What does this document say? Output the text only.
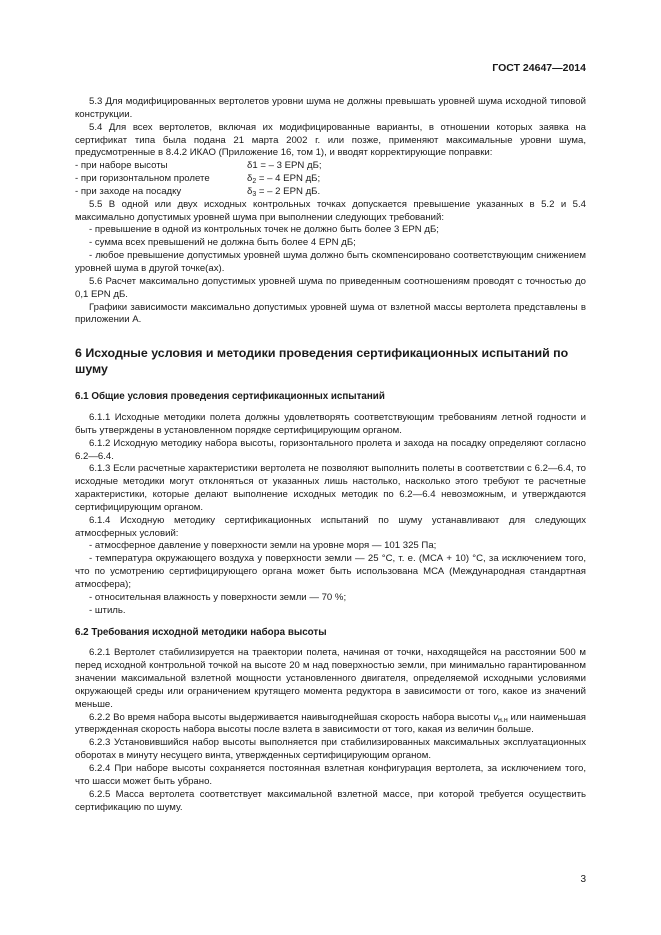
ГОСТ 24647—2014

5.3 Для модифицированных вертолетов уровни шума не должны превышать уровней шума исходной типовой конструкции.

5.4 Для всех вертолетов, включая их модифицированные варианты, в отношении которых заявка на сертификат типа была подана 21 марта 2002 г. или позже, применяют максимальные уровни шума, предусмотренные в 8.4.2 ИКАО (Приложение 16, том 1), и вводят корректирующие поправки:

- при наборе высоты	δ1 = – 3 EPN дБ;
- при горизонтальном пролете	$\delta_2$ = – 4 EPN дБ;
- при заходе на посадку	$\delta_3$ = – 2 EPN дБ.

5.5 В одной или двух исходных контрольных точках допускается превышение указанных в 5.2 и 5.4 максимально допустимых уровней шума при выполнении следующих требований:

- превышение в одной из контрольных точек не должно быть более 3 EPN дБ;

- сумма всех превышений не должна быть более 4 EPN дБ;

- любое превышение допустимых уровней шума должно быть скомпенсировано соответствующим снижением уровней шума в другой точке(ах).

5.6 Расчет максимально допустимых уровней шума по приведенным соотношениям проводят с точностью до 0,1 EPN дБ.

Графики зависимости максимально допустимых уровней шума от взлетной массы вертолета представлены в приложении А.

6 Исходные условия и методики проведения сертификационных испытаний по шуму

6.1 Общие условия проведения сертификационных испытаний

6.1.1 Исходные методики полета должны удовлетворять соответствующим требованиям летной годности и быть утверждены в установленном порядке сертифицирующим органом.

6.1.2 Исходную методику набора высоты, горизонтального пролета и захода на посадку определяют согласно 6.2—6.4.

6.1.3 Если расчетные характеристики вертолета не позволяют выполнить полеты в соответствии с 6.2—6.4, то исходные методики могут отклоняться от указанных лишь настолько, насколько этого требуют те расчетные характеристики, которые делают выполнение исходных методик по 6.2—6.4 невозможным, и утверждаются сертифицирующим органом.

6.1.4 Исходную методику сертификационных испытаний по шуму устанавливают для следующих атмосферных условий:

- атмосферное давление у поверхности земли на уровне моря — 101 325 Па;

- температура окружающего воздуха у поверхности земли — 25 °С, т. е. (МСА + 10) °С, за исключением того, что по усмотрению сертифицирующего органа может быть использована МСА (Международная стандартная атмосфера);

- относительная влажность у поверхности земли — 70 %;

- штиль.

6.2 Требования исходной методики набора высоты

6.2.1 Вертолет стабилизируется на траектории полета, начиная от точки, находящейся на расстоянии 500 м перед исходной контрольной точкой на высоте 20 м над поверхностью земли, при минимально гарантированном значении максимальной взлетной мощности установленного двигателя, определяемой исходными условиями окружающей среды или ограничением крутящего момента редуктора в зависимости от того, какое из значений меньше.

6.2.2 Во время набора высоты выдерживается наивыгоднейшая скорость набора высоты $v_{н.н}$ или наименьшая утвержденная скорость набора высоты после взлета в зависимости от того, какая из величин больше.

6.2.3 Установившийся набор высоты выполняется при стабилизированных максимальных эксплуатационных оборотах в минуту несущего винта, утвержденных сертифицирующим органом.

6.2.4 При наборе высоты сохраняется постоянная взлетная конфигурация вертолета, за исключением того, что шасси может быть убрано.

6.2.5 Масса вертолета соответствует максимальной взлетной массе, при которой требуется осуществить сертификацию по шуму.

3
